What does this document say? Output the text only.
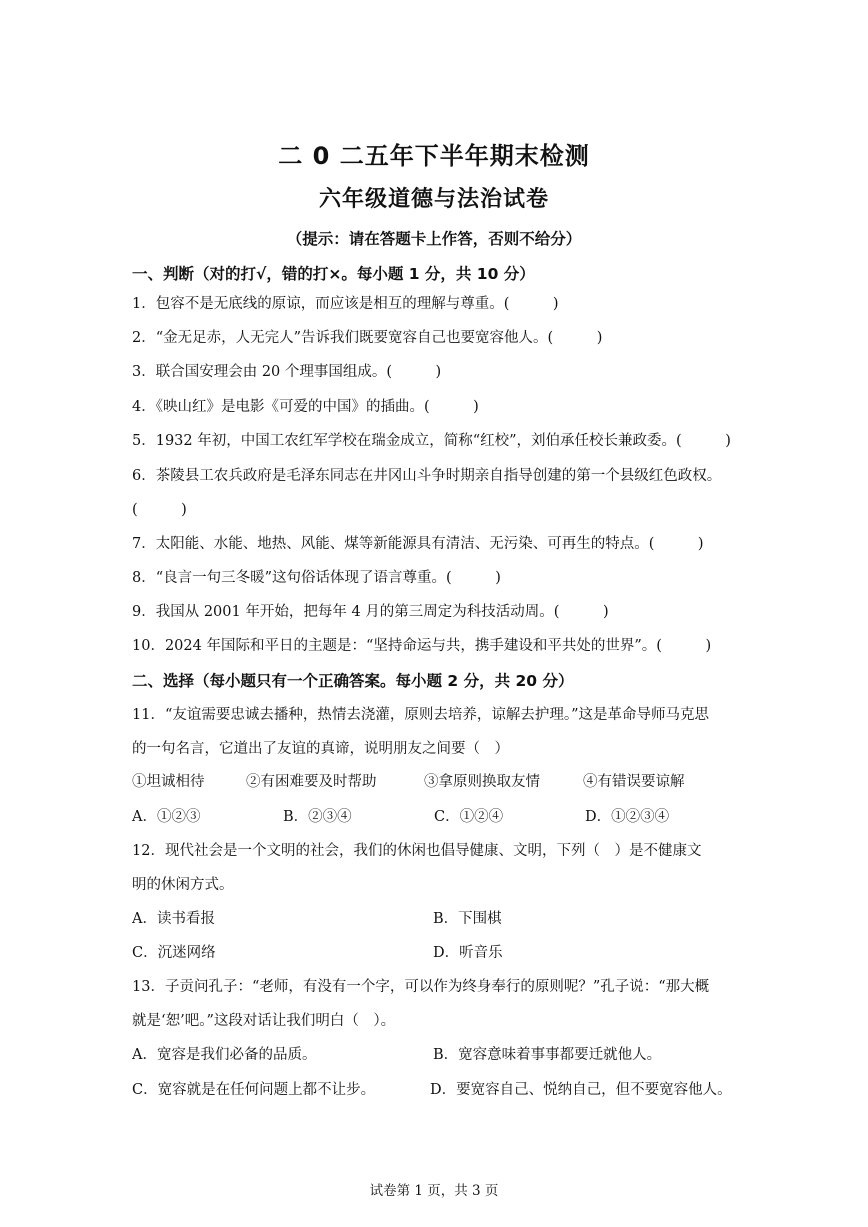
二 0 二五年下半年期末检测
六年级道德与法治试卷
（提示：请在答题卡上作答，否则不给分）
一、判断（对的打√，错的打×。每小题 1 分，共 10 分）
1．包容不是无底线的原谅，而应该是相互的理解与尊重。(　　　)
2．“金无足赤，人无完人”告诉我们既要宽容自己也要宽容他人。(　　　)
3．联合国安理会由 20 个理事国组成。(　　　)
4．《映山红》是电影《可爱的中国》的插曲。(　　　)
5．1932 年初，中国工农红军学校在瑞金成立，简称“红校”，刘伯承任校长兼政委。(　　　)
6．茶陵县工农兵政府是毛泽东同志在井冈山斗争时期亲自指导创建的第一个县级红色政权。
(　　　)
7．太阳能、水能、地热、风能、煤等新能源具有清洁、无污染、可再生的特点。(　　　)
8．“良言一句三冬暖”这句俗话体现了语言尊重。(　　　)
9．我国从 2001 年开始，把每年 4 月的第三周定为科技活动周。(　　　)
10．2024 年国际和平日的主题是：“坚持命运与共，携手建设和平共处的世界”。(　　　)
二、选择（每小题只有一个正确答案。每小题 2 分，共 20 分）
11．“友谊需要忠诚去播种，热情去浇灌，原则去培养，谅解去护理。”这是革命导师马克思
的一句名言，它道出了友谊的真谛，说明朋友之间要（　）
①坦诚相待	②有困难要及时帮助	③拿原则换取友情	④有错误要谅解
A．①②③	B．②③④	C．①②④	D．①②③④
12．现代社会是一个文明的社会，我们的休闲也倡导健康、文明，下列（　）是不健康文
明的休闲方式。
A．读书看报	B．下围棋
C．沉迷网络	D．听音乐
13．子贡问孔子：“老师，有没有一个字，可以作为终身奉行的原则呢？”孔子说：“那大概
就是‘恕’吧。”这段对话让我们明白（　）。
A．宽容是我们必备的品质。	B．宽容意味着事事都要迁就他人。
C．宽容就是在任何问题上都不让步。	D．要宽容自己、悦纳自己，但不要宽容他人。
试卷第 1 页，共 3 页
